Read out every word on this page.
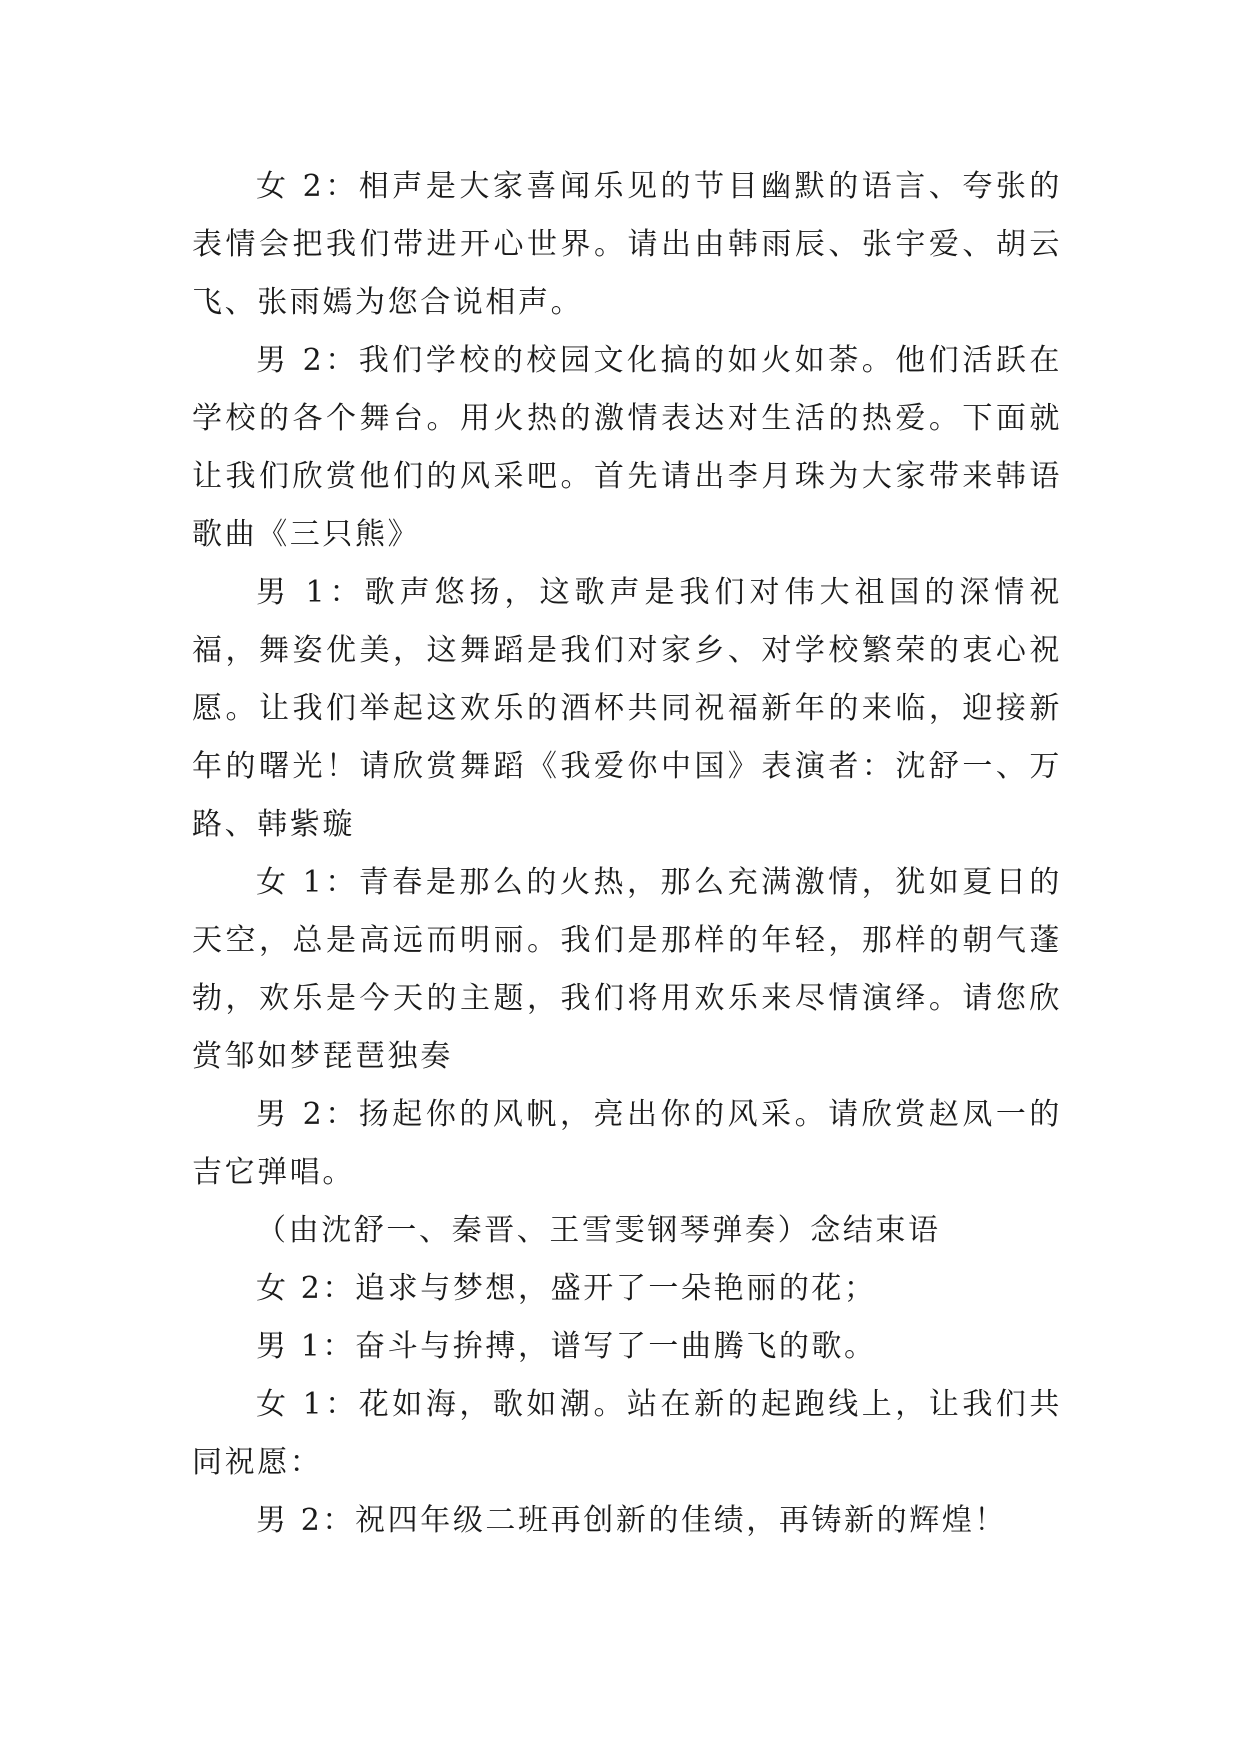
女 2：相声是大家喜闻乐见的节目幽默的语言、夸张的表情会把我们带进开心世界。请出由韩雨辰、张宇爱、胡云飞、张雨嫣为您合说相声。

男 2：我们学校的校园文化搞的如火如荼。他们活跃在学校的各个舞台。用火热的激情表达对生活的热爱。下面就让我们欣赏他们的风采吧。首先请出李月珠为大家带来韩语歌曲《三只熊》

男 1：歌声悠扬，这歌声是我们对伟大祖国的深情祝福，舞姿优美，这舞蹈是我们对家乡、对学校繁荣的衷心祝愿。让我们举起这欢乐的酒杯共同祝福新年的来临，迎接新年的曙光！请欣赏舞蹈《我爱你中国》表演者：沈舒一、万路、韩紫璇

女 1：青春是那么的火热，那么充满激情，犹如夏日的天空，总是高远而明丽。我们是那样的年轻，那样的朝气蓬勃，欢乐是今天的主题，我们将用欢乐来尽情演绎。请您欣赏邹如梦琵琶独奏

男 2：扬起你的风帆，亮出你的风采。请欣赏赵凤一的吉它弹唱。

（由沈舒一、秦晋、王雪雯钢琴弹奏）念结束语

女 2：追求与梦想，盛开了一朵艳丽的花；

男 1：奋斗与拚搏，谱写了一曲腾飞的歌。

女 1：花如海，歌如潮。站在新的起跑线上，让我们共同祝愿：

男 2：祝四年级二班再创新的佳绩，再铸新的辉煌！
